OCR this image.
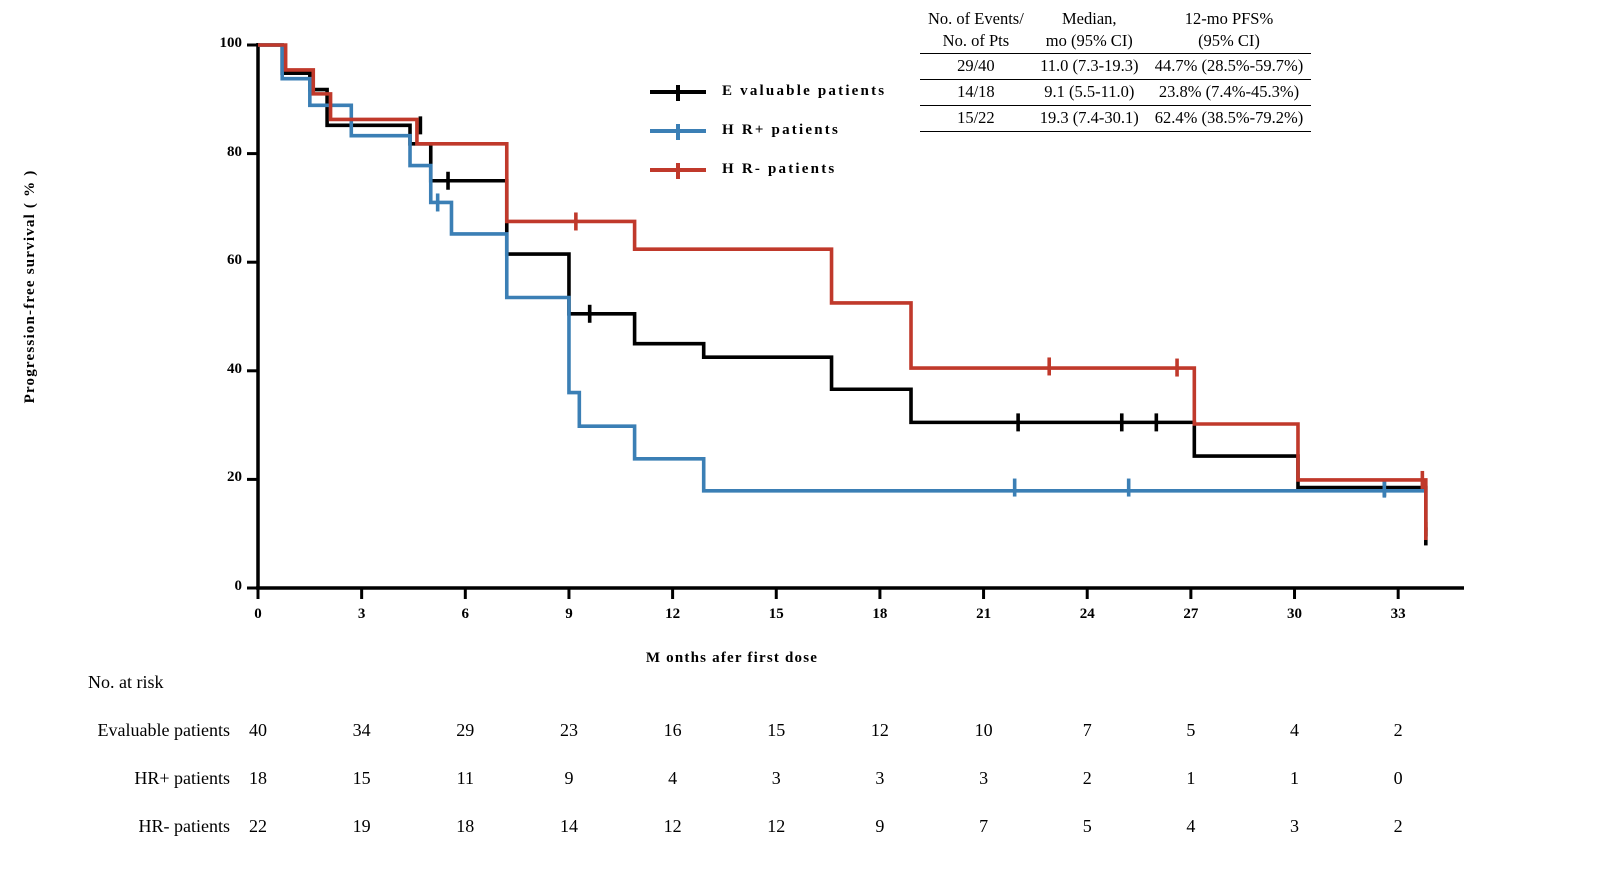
Progression-free survival ( % )
M onths afer first dose
E valuable patients
H R+ patients
H R- patients
No. of Events/	Median,	12-mo PFS%
No. of Pts	mo (95% CI)	(95% CI)
29/40	11.0 (7.3-19.3)	44.7% (28.5%-59.7%)
14/18	9.1 (5.5-11.0)	23.8% (7.4%-45.3%)
15/22	19.3 (7.4-30.1)	62.4% (38.5%-79.2%)
No. at risk
Evaluable patients	40	34	29	23	16	15	12	10	7	5	4	2
HR+ patients	18	15	11	9	4	3	3	3	2	1	1	0
HR- patients	22	19	18	14	12	12	9	7	5	4	3	2
0
20
40
60
80
100
0	3	6	9	12	15	18	21	24	27	30	33
